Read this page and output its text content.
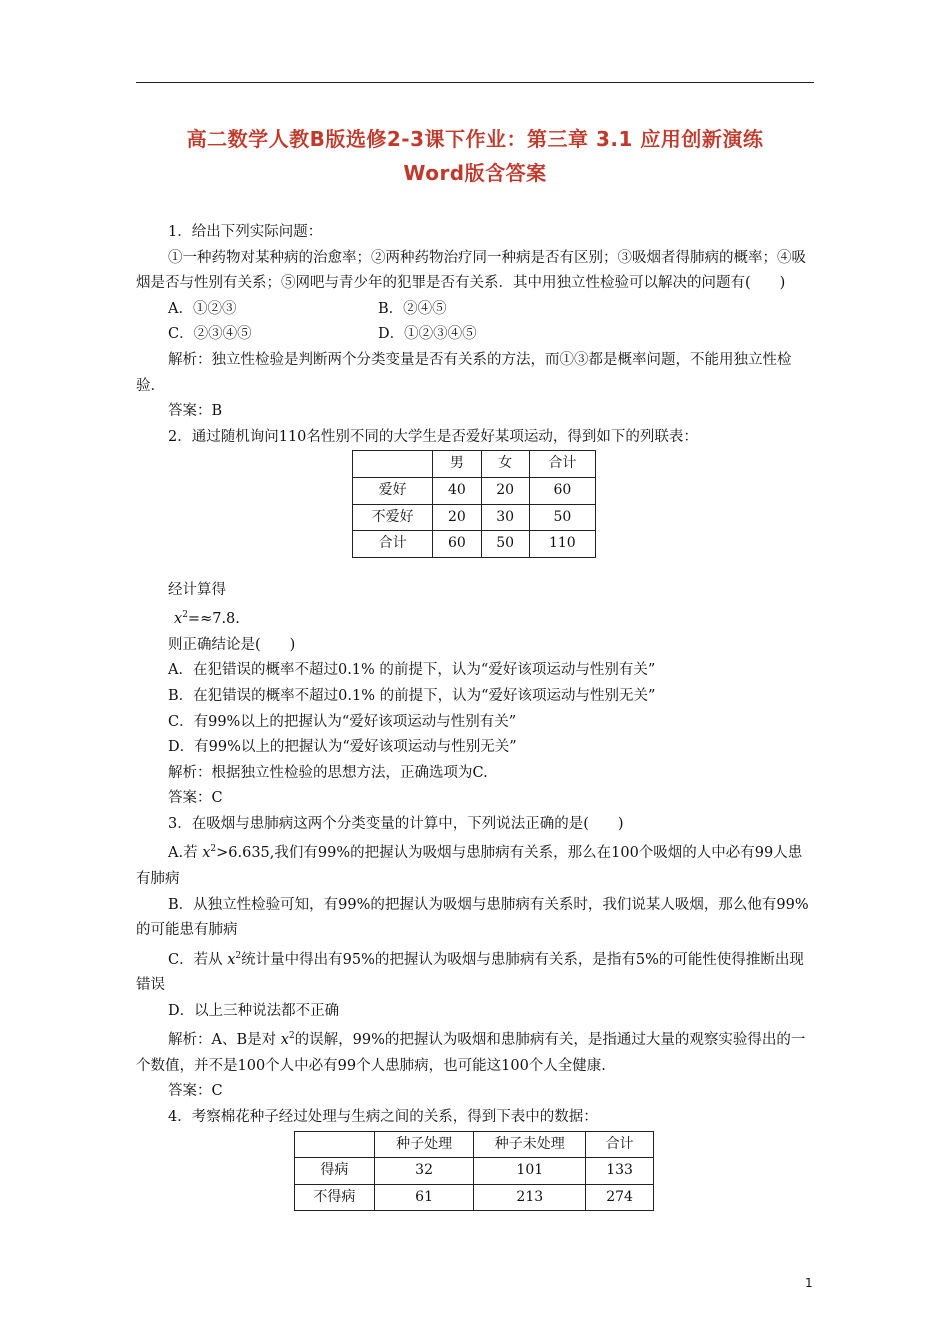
高二数学人教B版选修2-3课下作业：第三章 3.1 应用创新演练
Word版含答案

1．给出下列实际问题：

①一种药物对某种病的治愈率；②两种药物治疗同一种病是否有区别；③吸烟者得肺病的概率；④吸烟是否与性别有关系；⑤网吧与青少年的犯罪是否有关系．其中用独立性检验可以解决的问题有(　　)

A．①②③	B．②④⑤
C．②③④⑤	D．①②③④⑤

解析：独立性检验是判断两个分类变量是否有关系的方法，而①③都是概率问题，不能用独立性检验．

答案：B

2．通过随机询问110名性别不同的大学生是否爱好某项运动，得到如下的列联表：

	男	女	合计
爱好	40	20	60
不爱好	20	30	50
合计	60	50	110

经计算得

$x^2=\approx 7.8$.

则正确结论是(　　)

A．在犯错误的概率不超过0.1% 的前提下，认为“爱好该项运动与性别有关”

B．在犯错误的概率不超过0.1% 的前提下，认为“爱好该项运动与性别无关”

C．有99%以上的把握认为“爱好该项运动与性别有关”

D．有99%以上的把握认为“爱好该项运动与性别无关”

解析：根据独立性检验的思想方法，正确选项为C.

答案：C

3．在吸烟与患肺病这两个分类变量的计算中，下列说法正确的是(　　)

A.若 $x^2>6.635$,我们有99%的把握认为吸烟与患肺病有关系，那么在100个吸烟的人中必有99人患有肺病

B．从独立性检验可知，有99%的把握认为吸烟与患肺病有关系时，我们说某人吸烟，那么他有99%的可能患有肺病

C．若从 $x^2$统计量中得出有95%的把握认为吸烟与患肺病有关系，是指有5%的可能性使得推断出现错误

D．以上三种说法都不正确

解析：A、B是对 $x^2$的误解，99%的把握认为吸烟和患肺病有关，是指通过大量的观察实验得出的一个数值，并不是100个人中必有99个人患肺病，也可能这100个人全健康.

答案：C

4．考察棉花种子经过处理与生病之间的关系，得到下表中的数据：

	种子处理	种子未处理	合计
得病	32	101	133
不得病	61	213	274
1
